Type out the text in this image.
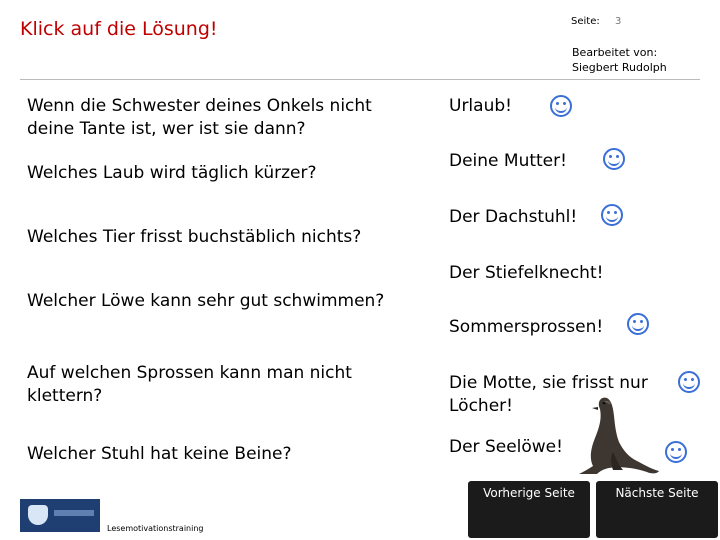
Klick auf die Lösung!	Seite: 3
Bearbeitet von:
Siegbert Rudolph
Wenn die Schwester deines Onkels nicht deine Tante ist, wer ist sie dann?
Welches Laub wird täglich kürzer?
Welches Tier frisst buchstäblich nichts?
Welcher Löwe kann sehr gut schwimmen?
Auf welchen Sprossen kann man nicht klettern?
Welcher Stuhl hat keine Beine?
Urlaub!
Deine Mutter!
Der Dachstuhl!
Der Stiefelknecht!
Sommersprossen!
Die Motte, sie frisst nur Löcher!
Der Seelöwe!
Lesemotivationstraining
Vorherige Seite	Nächste Seite
